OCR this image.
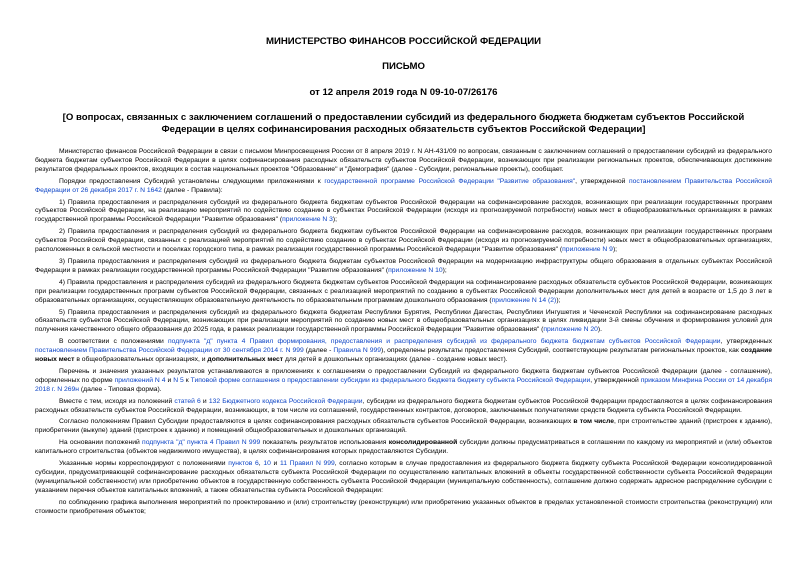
МИНИСТЕРСТВО ФИНАНСОВ РОССИЙСКОЙ ФЕДЕРАЦИИ
ПИСЬМО
от 12 апреля 2019 года N 09-10-07/26176
[О вопросах, связанных с заключением соглашений о предоставлении субсидий из федерального бюджета бюджетам субъектов Российской Федерации в целях софинансирования расходных обязательств субъектов Российской Федерации]

Министерство финансов Российской Федерации в связи с письмом Минпросвещения России от 8 апреля 2019 г. N АН-431/09 по вопросам, связанным с заключением соглашений о предоставлении субсидий из федерального бюджета бюджетам субъектов Российской Федерации в целях софинансирования расходных обязательств субъектов Российской Федерации, возникающих при реализации региональных проектов, обеспечивающих достижение результатов федеральных проектов, входящих в состав национальных проектов "Образование" и "Демография" (далее - Субсидии, региональные проекты), сообщает.

Порядки предоставления Субсидий установлены следующими приложениями к государственной программе Российской Федерации "Развитие образования", утвержденной постановлением Правительства Российской Федерации от 26 декабря 2017 г. N 1642 (далее - Правила):

1) Правила предоставления и распределения субсидий из федерального бюджета бюджетам субъектов Российской Федерации на софинансирование расходов, возникающих при реализации государственных программ субъектов Российской Федерации, на реализацию мероприятий по содействию созданию в субъектах Российской Федерации (исходя из прогнозируемой потребности) новых мест в общеобразовательных организациях в рамках государственной программы Российской Федерации "Развитие образования" (приложение N 3);

2) Правила предоставления и распределения субсидий из федерального бюджета бюджетам субъектов Российской Федерации на софинансирование расходов, возникающих при реализации государственных программ субъектов Российской Федерации, связанных с реализацией мероприятий по содействию созданию в субъектах Российской Федерации (исходя из прогнозируемой потребности) новых мест в общеобразовательных организациях, расположенных в сельской местности и поселках городского типа, в рамках реализации государственной программы Российской Федерации "Развитие образования" (приложение N 9);

3) Правила предоставления и распределения субсидий из федерального бюджета бюджетам субъектов Российской Федерации на модернизацию инфраструктуры общего образования в отдельных субъектах Российской Федерации в рамках реализации государственной программы Российской Федерации "Развитие образования" (приложение N 10);

4) Правила предоставления и распределения субсидий из федерального бюджета бюджетам субъектов Российской Федерации на софинансирование расходных обязательств субъектов Российской Федерации, возникающих при реализации государственных программ субъектов Российской Федерации, связанных с реализацией мероприятий по созданию в субъектах Российской Федерации дополнительных мест для детей в возрасте от 1,5 до 3 лет в образовательных организациях, осуществляющих образовательную деятельность по образовательным программам дошкольного образования (приложение N 14 (2));

5) Правила предоставления и распределения субсидий из федерального бюджета бюджетам Республики Бурятия, Республики Дагестан, Республики Ингушетия и Чеченской Республики на софинансирование расходных обязательств субъектов Российской Федерации, возникающих при реализации мероприятий по созданию новых мест в общеобразовательных организациях в целях ликвидации 3-й смены обучения и формирования условий для получения качественного общего образования до 2025 года, в рамках реализации государственной программы Российской Федерации "Развитие образования" (приложение N 20).

В соответствии с положениями подпункта "д" пункта 4 Правил формирования, предоставления и распределения субсидий из федерального бюджета бюджетам субъектов Российской Федерации, утвержденных постановлением Правительства Российской Федерации от 30 сентября 2014 г. N 999 (далее - Правила N 999), определены результаты предоставления Субсидий, соответствующие результатам региональных проектов, как создание новых мест в общеобразовательных организациях, и дополнительных мест для детей в дошкольных организациях (далее - создание новых мест).

Перечень и значения указанных результатов устанавливаются в приложениях к соглашениям о предоставлении Субсидий из федерального бюджета бюджетам субъектов Российской Федерации (далее - соглашение), оформленных по форме приложений N 4 и N 5 к Типовой форме соглашения о предоставлении субсидии из федерального бюджета бюджету субъекта Российской Федерации, утвержденной приказом Минфина России от 14 декабря 2018 г. N 269н (далее - Типовая форма).

Вместе с тем, исходя из положений статей 6 и 132 Бюджетного кодекса Российской Федерации, субсидии из федерального бюджета бюджетам субъектов Российской Федерации предоставляются в целях софинансирования расходных обязательств субъектов Российской Федерации, возникающих, в том числе из соглашений, государственных контрактов, договоров, заключаемых получателями средств бюджета субъекта Российской Федерации.

Согласно положениям Правил Субсидии предоставляются в целях софинансирования расходных обязательств субъектов Российской Федерации, возникающих в том числе, при строительстве зданий (пристроек к зданию), приобретении (выкупе) зданий (пристроек к зданию) и помещений общеобразовательных и дошкольных организаций.

На основании положений подпункта "д" пункта 4 Правил N 999 показатель результатов использования консолидированной субсидии должны предусматриваться в соглашении по каждому из мероприятий и (или) объектов капитального строительства (объектов недвижимого имущества), в целях софинансирования которых предоставляются Субсидии.

Указанные нормы корреспондируют с положениями пунктов 6, 10 и 11 Правил N 999, согласно которым в случае предоставления из федерального бюджета бюджету субъекта Российской Федерации консолидированной субсидии, предусматривающей софинансирование расходных обязательств субъекта Российской Федерации по осуществлению капитальных вложений в объекты государственной собственности субъекта Российской Федерации (муниципальной собственности) или приобретению объектов в государственную собственность субъекта Российской Федерации (муниципальную собственность), соглашение должно содержать адресное распределение субсидии с указанием перечня объектов капитальных вложений, а также обязательства субъекта Российской Федерации:

по соблюдению графика выполнения мероприятий по проектированию и (или) строительству (реконструкции) или приобретению указанных объектов в пределах установленной стоимости строительства (реконструкции) или стоимости приобретения объектов;
